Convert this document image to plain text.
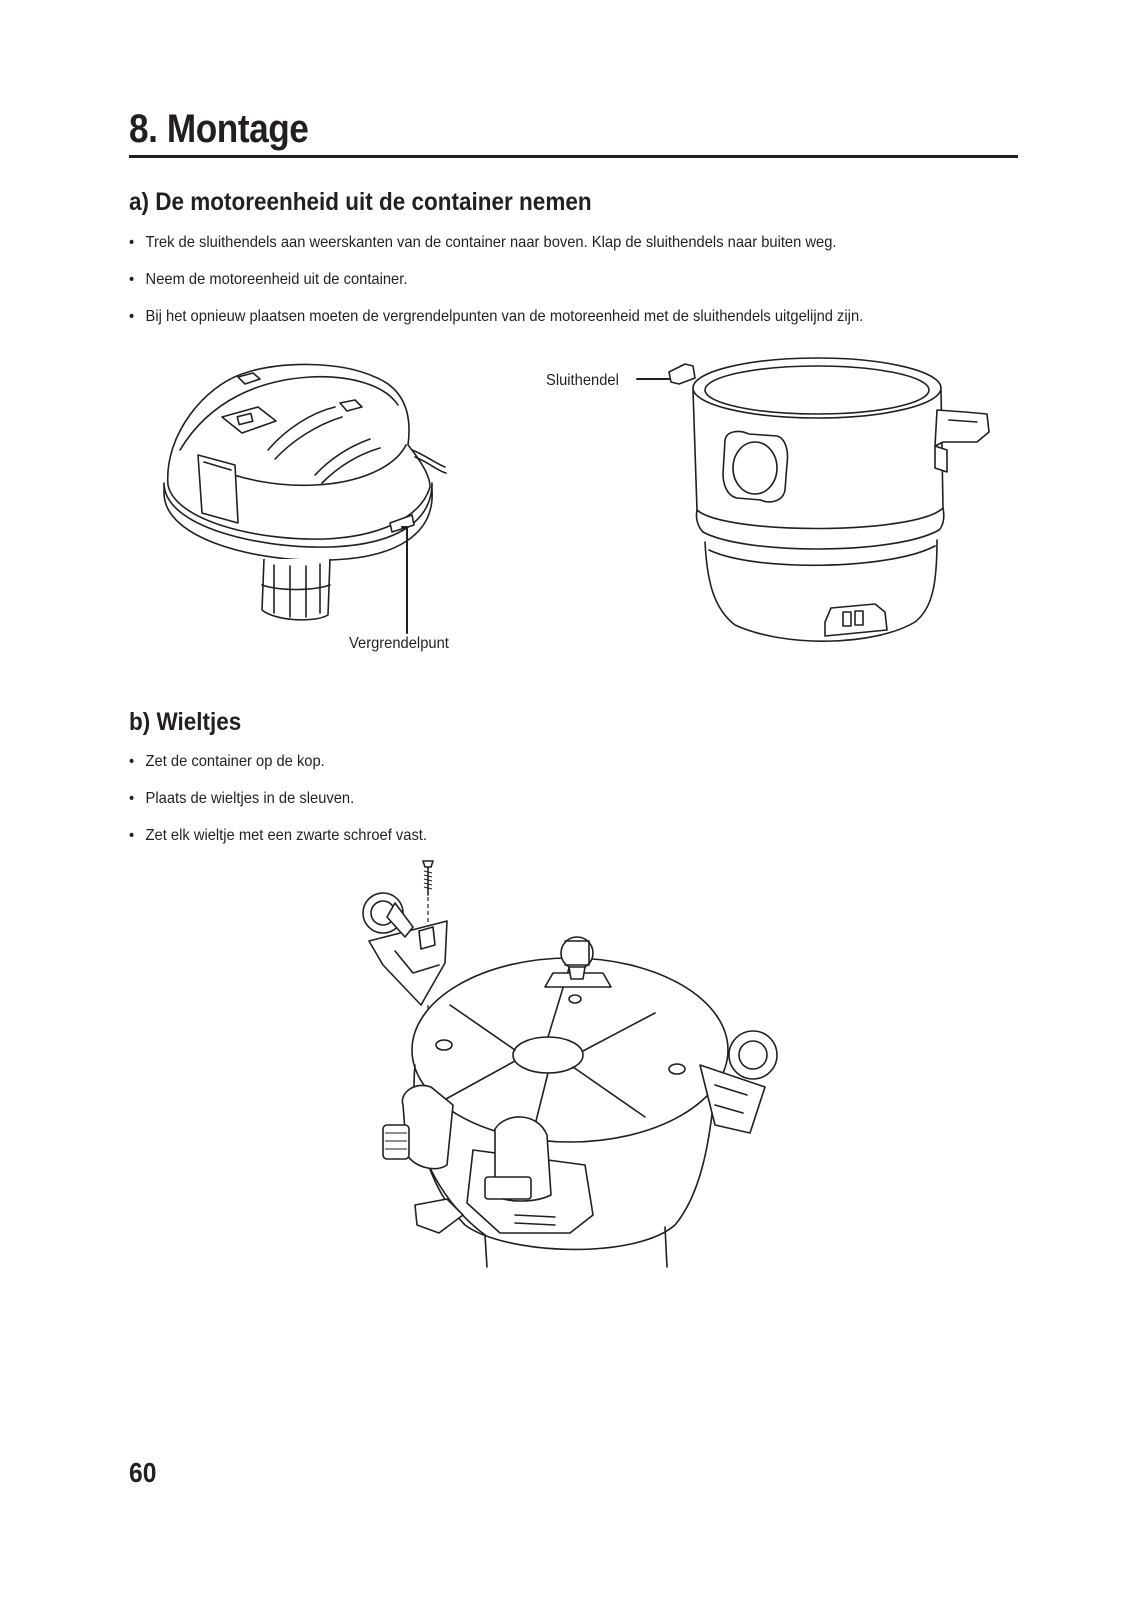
8. Montage
a) De motoreenheid uit de container nemen
• Trek de sluithendels aan weerskanten van de container naar boven. Klap de sluithendels naar buiten weg.
• Neem de motoreenheid uit de container.
• Bij het opnieuw plaatsen moeten de vergrendelpunten van de motoreenheid met de sluithendels uitgelijnd zijn.
Vergrendelpunt
Sluithendel
b) Wieltjes
• Zet de container op de kop.
• Plaats de wieltjes in de sleuven.
• Zet elk wieltje met een zwarte schroef vast.
60
